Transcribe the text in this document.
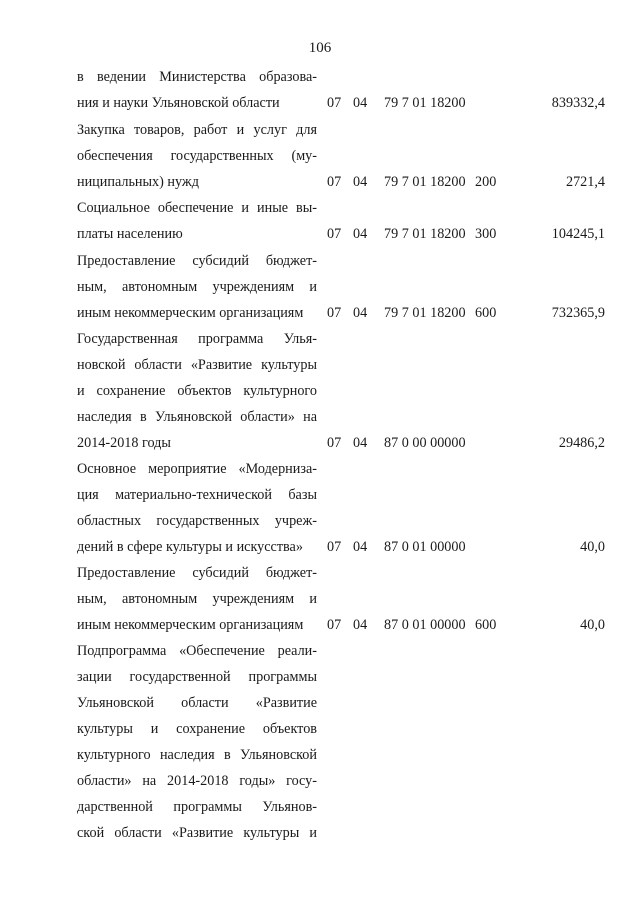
106
в ведении Министерства образова-
ния и науки Ульяновской области	07 04 79 7 01 18200	839332,4
Закупка товаров, работ и услуг для
обеспечения государственных (му-
ниципальных) нужд	07 04 79 7 01 18200 200	2721,4
Социальное обеспечение и иные вы-
платы населению	07 04 79 7 01 18200 300	104245,1
Предоставление субсидий бюджет-
ным, автономным учреждениям и
иным некоммерческим организациям	07 04 79 7 01 18200 600	732365,9
Государственная программа Улья-
новской области «Развитие культуры
и сохранение объектов культурного
наследия в Ульяновской области» на
2014-2018 годы	07 04 87 0 00 00000	29486,2
Основное мероприятие «Модерниза-
ция материально-технической базы
областных государственных учреж-
дений в сфере культуры и искусства»	07 04 87 0 01 00000	40,0
Предоставление субсидий бюджет-
ным, автономным учреждениям и
иным некоммерческим организациям	07 04 87 0 01 00000 600	40,0
Подпрограмма «Обеспечение реали-
зации государственной программы
Ульяновской области «Развитие
культуры и сохранение объектов
культурного наследия в Ульяновской
области» на 2014-2018 годы» госу-
дарственной программы Ульянов-
ской области «Развитие культуры и
